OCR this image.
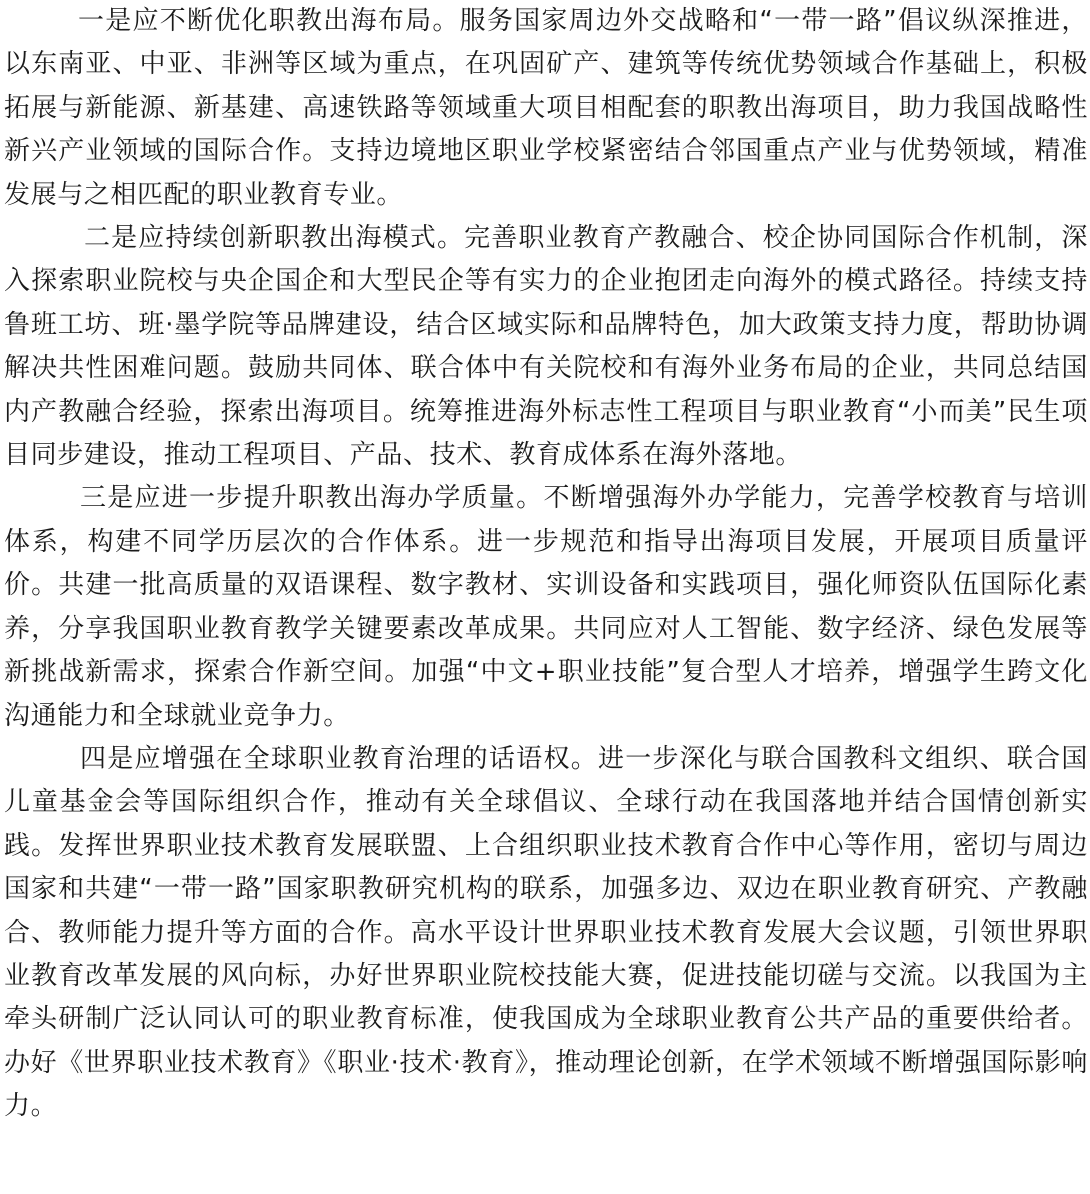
一是应不断优化职教出海布局。服务国家周边外交战略和“一带一路”倡议纵深推进，以东南亚、中亚、非洲等区域为重点，在巩固矿产、建筑等传统优势领域合作基础上，积极拓展与新能源、新基建、高速铁路等领域重大项目相配套的职教出海项目，助力我国战略性新兴产业领域的国际合作。支持边境地区职业学校紧密结合邻国重点产业与优势领域，精准发展与之相匹配的职业教育专业。

二是应持续创新职教出海模式。完善职业教育产教融合、校企协同国际合作机制，深入探索职业院校与央企国企和大型民企等有实力的企业抱团走向海外的模式路径。持续支持鲁班工坊、班·墨学院等品牌建设，结合区域实际和品牌特色，加大政策支持力度，帮助协调解决共性困难问题。鼓励共同体、联合体中有关院校和有海外业务布局的企业，共同总结国内产教融合经验，探索出海项目。统筹推进海外标志性工程项目与职业教育“小而美”民生项目同步建设，推动工程项目、产品、技术、教育成体系在海外落地。

三是应进一步提升职教出海办学质量。不断增强海外办学能力，完善学校教育与培训体系，构建不同学历层次的合作体系。进一步规范和指导出海项目发展，开展项目质量评价。共建一批高质量的双语课程、数字教材、实训设备和实践项目，强化师资队伍国际化素养，分享我国职业教育教学关键要素改革成果。共同应对人工智能、数字经济、绿色发展等新挑战新需求，探索合作新空间。加强“中文+职业技能”复合型人才培养，增强学生跨文化沟通能力和全球就业竞争力。

四是应增强在全球职业教育治理的话语权。进一步深化与联合国教科文组织、联合国儿童基金会等国际组织合作，推动有关全球倡议、全球行动在我国落地并结合国情创新实践。发挥世界职业技术教育发展联盟、上合组织职业技术教育合作中心等作用，密切与周边国家和共建“一带一路”国家职教研究机构的联系，加强多边、双边在职业教育研究、产教融合、教师能力提升等方面的合作。高水平设计世界职业技术教育发展大会议题，引领世界职业教育改革发展的风向标，办好世界职业院校技能大赛，促进技能切磋与交流。以我国为主牵头研制广泛认同认可的职业教育标准，使我国成为全球职业教育公共产品的重要供给者。办好《世界职业技术教育》《职业·技术·教育》，推动理论创新，在学术领域不断增强国际影响力。
